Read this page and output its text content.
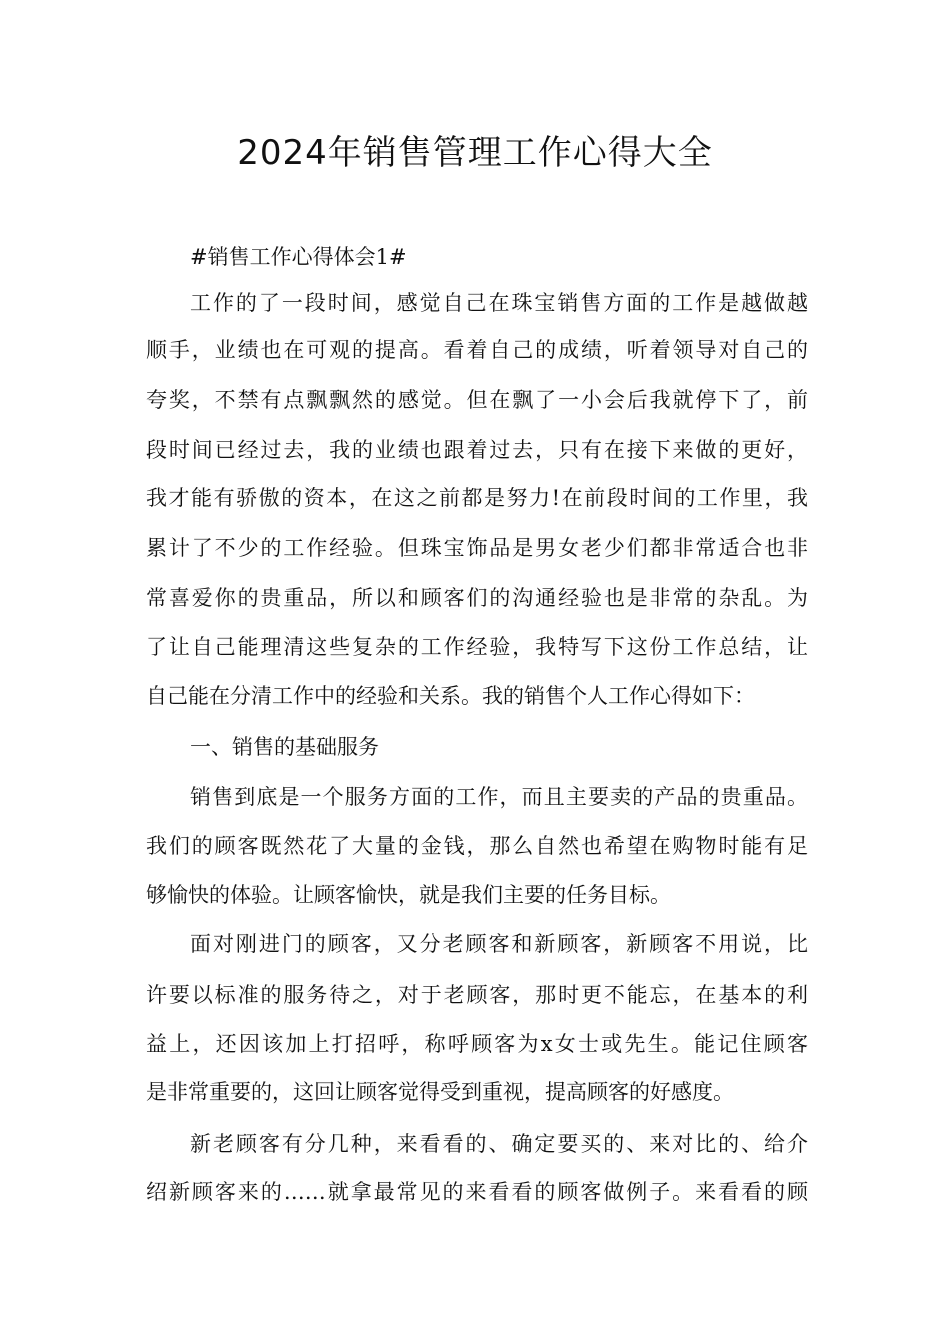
2024年销售管理工作心得大全
#销售工作心得体会1#
工作的了一段时间，感觉自己在珠宝销售方面的工作是越做越
顺手，业绩也在可观的提高。看着自己的成绩，听着领导对自己的
夸奖，不禁有点飘飘然的感觉。但在飘了一小会后我就停下了，前
段时间已经过去，我的业绩也跟着过去，只有在接下来做的更好，
我才能有骄傲的资本，在这之前都是努力!在前段时间的工作里，我
累计了不少的工作经验。但珠宝饰品是男女老少们都非常适合也非
常喜爱你的贵重品，所以和顾客们的沟通经验也是非常的杂乱。为
了让自己能理清这些复杂的工作经验，我特写下这份工作总结，让
自己能在分清工作中的经验和关系。我的销售个人工作心得如下：
一、销售的基础服务
销售到底是一个服务方面的工作，而且主要卖的产品的贵重品。
我们的顾客既然花了大量的金钱，那么自然也希望在购物时能有足
够愉快的体验。让顾客愉快，就是我们主要的任务目标。
面对刚进门的顾客，又分老顾客和新顾客，新顾客不用说，比
许要以标准的服务待之，对于老顾客，那时更不能忘，在基本的利
益上，还因该加上打招呼，称呼顾客为x女士或先生。能记住顾客
是非常重要的，这回让顾客觉得受到重视，提高顾客的好感度。
新老顾客有分几种，来看看的、确定要买的、来对比的、给介
绍新顾客来的……就拿最常见的来看看的顾客做例子。来看看的顾
